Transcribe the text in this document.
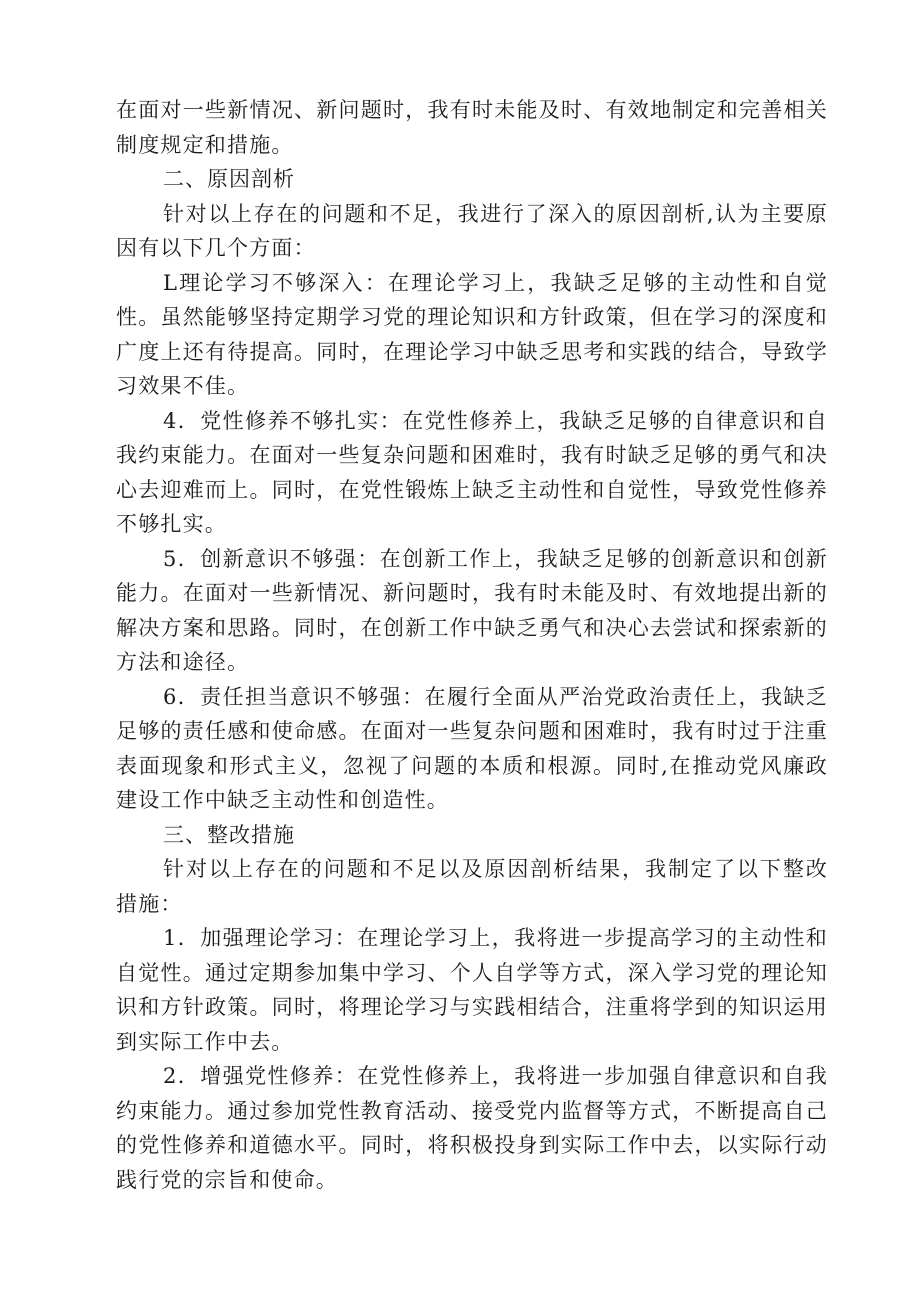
在面对一些新情况、新问题时，我有时未能及时、有效地制定和完善相关制度规定和措施。

二、原因剖析

针对以上存在的问题和不足，我进行了深入的原因剖析,认为主要原因有以下几个方面：

L理论学习不够深入：在理论学习上，我缺乏足够的主动性和自觉性。虽然能够坚持定期学习党的理论知识和方针政策，但在学习的深度和广度上还有待提高。同时，在理论学习中缺乏思考和实践的结合，导致学习效果不佳。

4．党性修养不够扎实：在党性修养上，我缺乏足够的自律意识和自我约束能力。在面对一些复杂问题和困难时，我有时缺乏足够的勇气和决心去迎难而上。同时，在党性锻炼上缺乏主动性和自觉性，导致党性修养不够扎实。

5．创新意识不够强：在创新工作上，我缺乏足够的创新意识和创新能力。在面对一些新情况、新问题时，我有时未能及时、有效地提出新的解决方案和思路。同时，在创新工作中缺乏勇气和决心去尝试和探索新的方法和途径。

6．责任担当意识不够强：在履行全面从严治党政治责任上，我缺乏足够的责任感和使命感。在面对一些复杂问题和困难时，我有时过于注重表面现象和形式主义，忽视了问题的本质和根源。同时,在推动党风廉政建设工作中缺乏主动性和创造性。

三、整改措施

针对以上存在的问题和不足以及原因剖析结果，我制定了以下整改措施：

1．加强理论学习：在理论学习上，我将进一步提高学习的主动性和自觉性。通过定期参加集中学习、个人自学等方式，深入学习党的理论知识和方针政策。同时，将理论学习与实践相结合，注重将学到的知识运用到实际工作中去。

2．增强党性修养：在党性修养上，我将进一步加强自律意识和自我约束能力。通过参加党性教育活动、接受党内监督等方式，不断提高自己的党性修养和道德水平。同时，将积极投身到实际工作中去，以实际行动践行党的宗旨和使命。
